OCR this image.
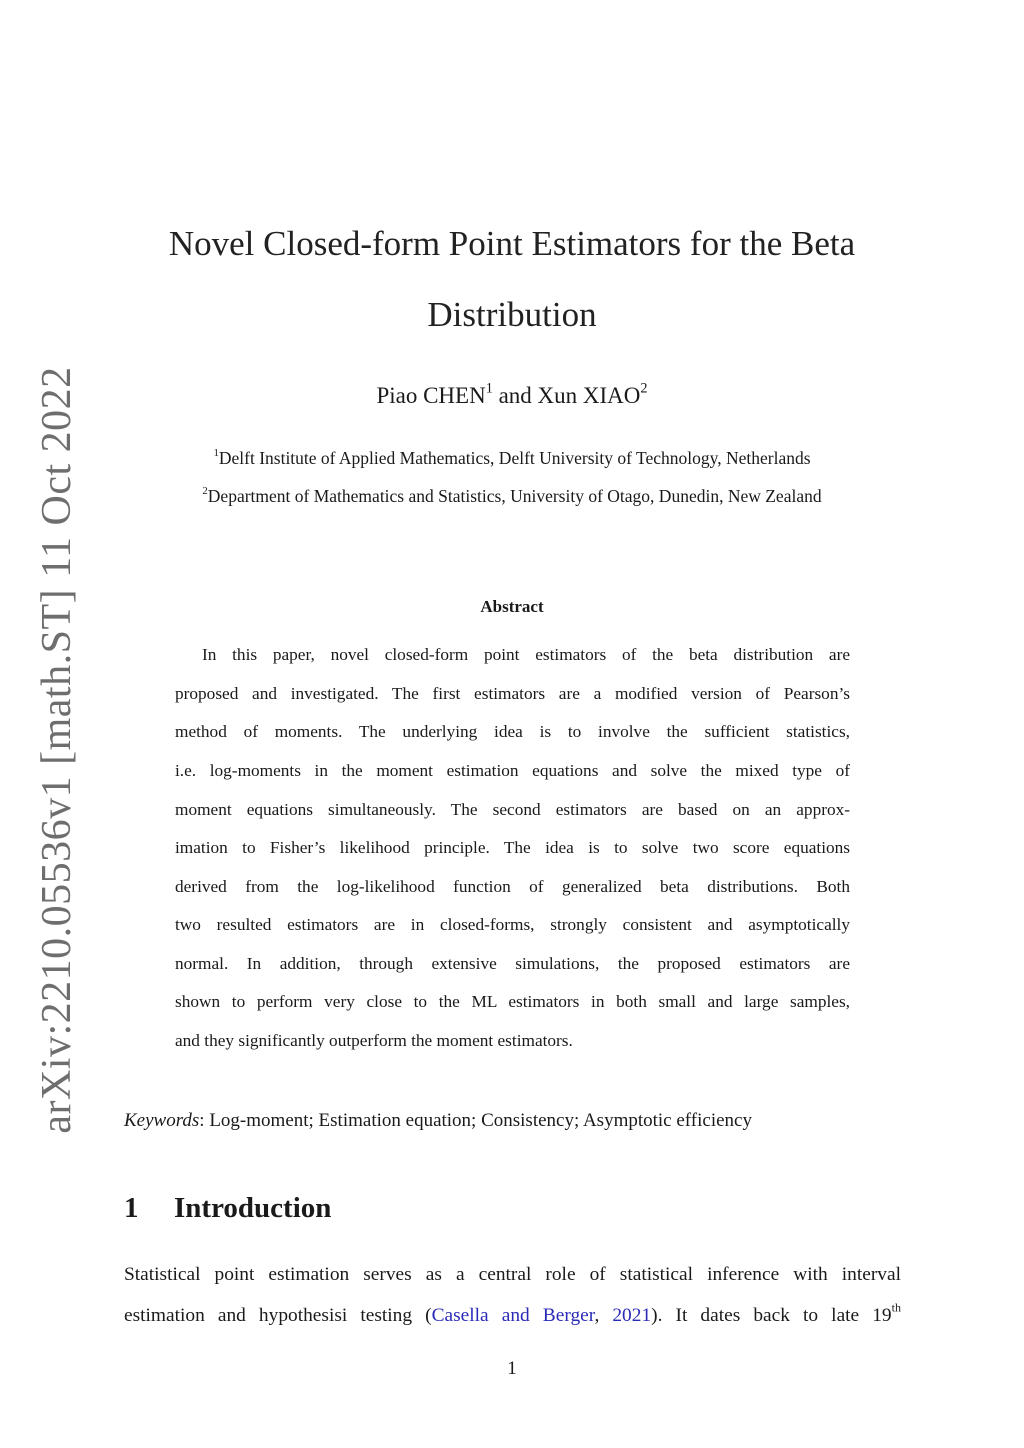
arXiv:2210.05536v1 [math.ST] 11 Oct 2022
Novel Closed-form Point Estimators for the Beta
Distribution
Piao CHEN$^1$ and Xun XIAO$^2$
$^1$Delft Institute of Applied Mathematics, Delft University of Technology, Netherlands
$^2$Department of Mathematics and Statistics, University of Otago, Dunedin, New Zealand
Abstract
In this paper, novel closed-form point estimators of the beta distribution are
proposed and investigated. The first estimators are a modified version of Pearson’s
method of moments. The underlying idea is to involve the sufficient statistics,
i.e. log-moments in the moment estimation equations and solve the mixed type of
moment equations simultaneously. The second estimators are based on an approx-
imation to Fisher’s likelihood principle. The idea is to solve two score equations
derived from the log-likelihood function of generalized beta distributions. Both
two resulted estimators are in closed-forms, strongly consistent and asymptotically
normal. In addition, through extensive simulations, the proposed estimators are
shown to perform very close to the ML estimators in both small and large samples,
and they significantly outperform the moment estimators.
Keywords: Log-moment; Estimation equation; Consistency; Asymptotic efficiency
1 Introduction
Statistical point estimation serves as a central role of statistical inference with interval
estimation and hypothesisi testing (Casella and Berger, 2021). It dates back to late 19th
1
